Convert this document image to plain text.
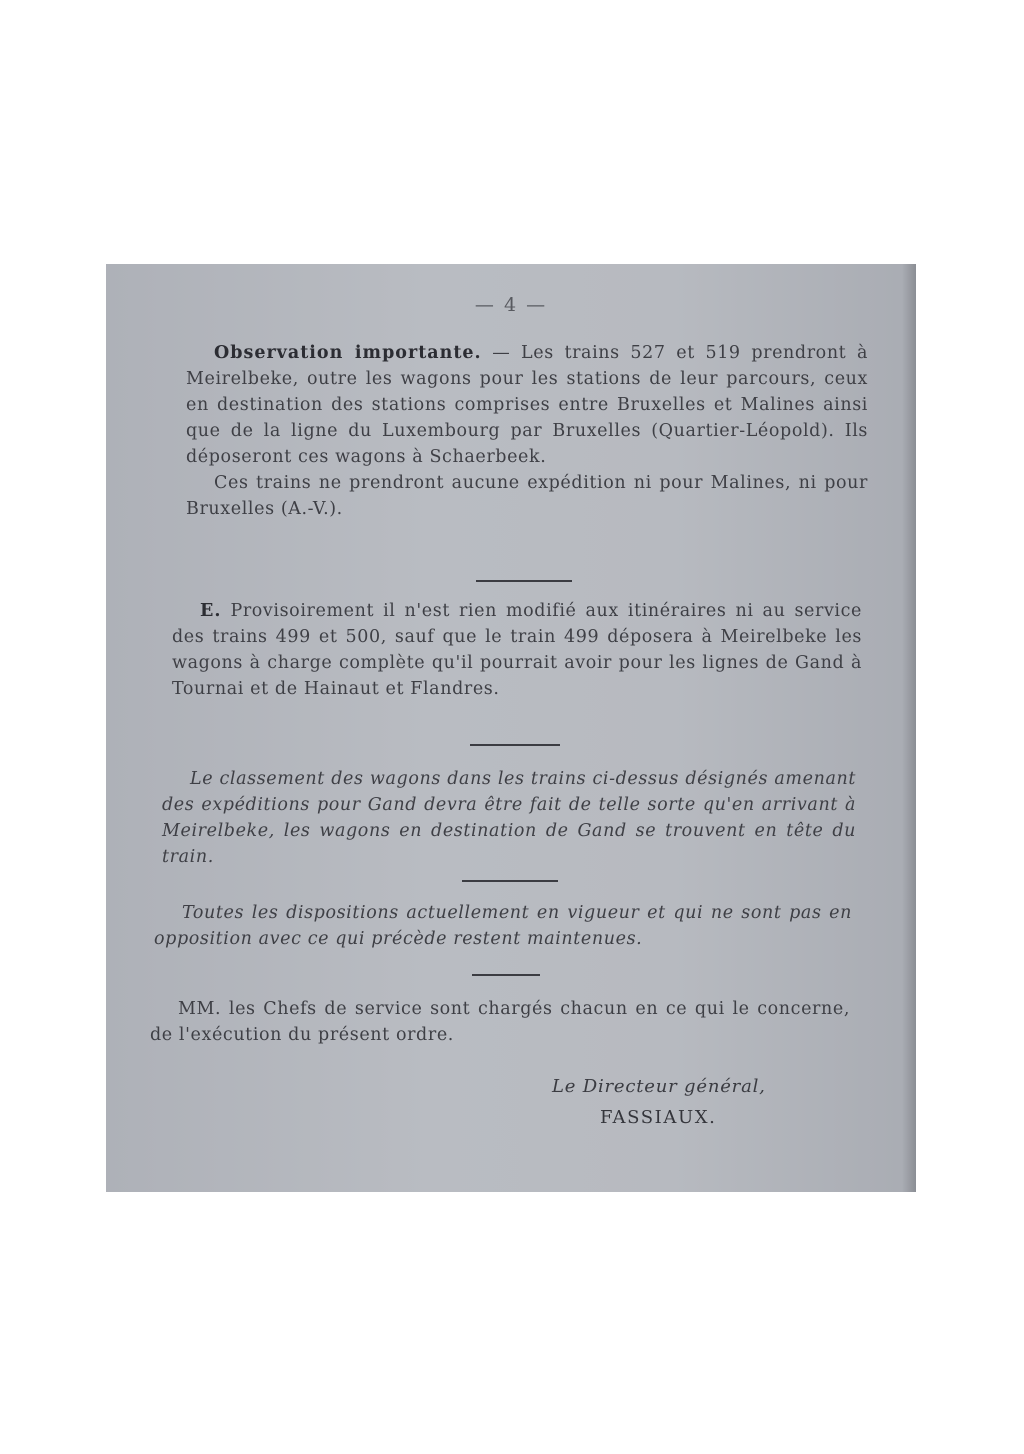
— 4 —

Observation importante. — Les trains 527 et 519 prendront à Meirelbeke, outre les wagons pour les stations de leur parcours, ceux en destination des stations comprises entre Bruxelles et Malines ainsi que de la ligne du Luxembourg par Bruxelles (Quartier-Léopold). Ils déposeront ces wagons à Schaerbeek.

Ces trains ne prendront aucune expédition ni pour Malines, ni pour Bruxelles (A.-V.).

E. Provisoirement il n'est rien modifié aux itinéraires ni au service des trains 499 et 500, sauf que le train 499 déposera à Meirelbeke les wagons à charge complète qu'il pourrait avoir pour les lignes de Gand à Tournai et de Hainaut et Flandres.

Le classement des wagons dans les trains ci-dessus désignés amenant des expéditions pour Gand devra être fait de telle sorte qu'en arrivant à Meirelbeke, les wagons en destination de Gand se trouvent en tête du train.

Toutes les dispositions actuellement en vigueur et qui ne sont pas en opposition avec ce qui précède restent maintenues.

MM. les Chefs de service sont chargés chacun en ce qui le concerne, de l'exécution du présent ordre.

Le Directeur général,
FASSIAUX.
